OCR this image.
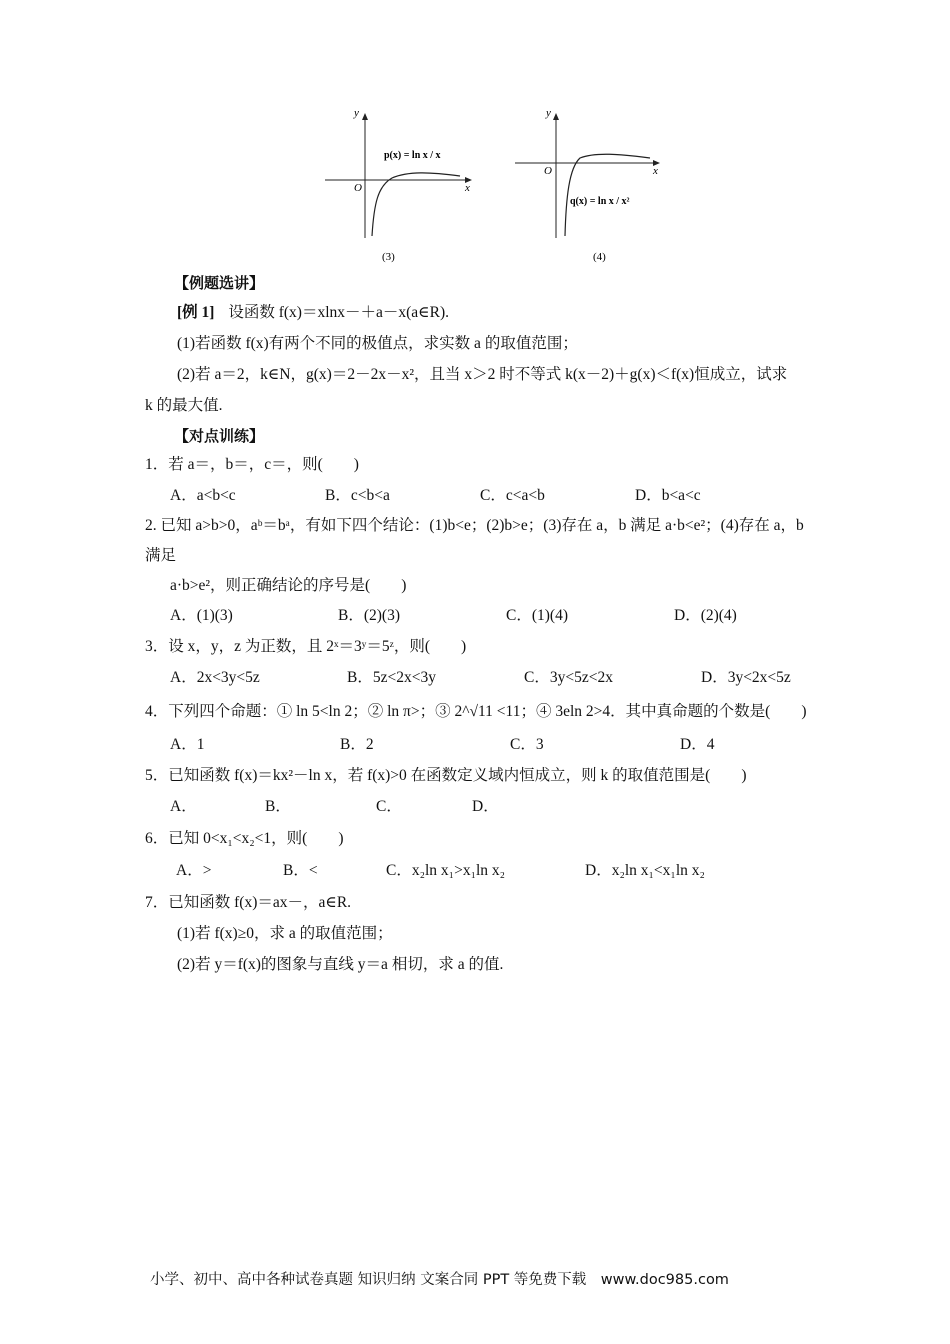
y
x
O
p(x) = ln x / x
(3)
y
x
O
q(x) = ln x / x²
(4)
【例题选讲】
[例 1] 设函数 f(x)＝xlnx－＋a－x(a∈R).
(1)若函数 f(x)有两个不同的极值点，求实数 a 的取值范围；
(2)若 a＝2，k∈N，g(x)＝2－2x－x²，且当 x＞2 时不等式 k(x－2)＋g(x)＜f(x)恒成立，试求
k 的最大值.
【对点训练】
1．若 a＝，b＝，c＝，则(　　)
A．a<b<c	B．c<b<a	C．c<a<b	D．b<a<c
2. 已知 a>b>0，aᵇ＝bᵃ，有如下四个结论：(1)b<e；(2)b>e；(3)存在 a，b 满足 a·b<e²；(4)存在 a，b
满足
a·b>e²，则正确结论的序号是(　　)
A．(1)(3)	B．(2)(3)	C．(1)(4)	D．(2)(4)
3．设 x，y，z 为正数，且 2ˣ＝3ʸ＝5ᶻ，则(　　)
A．2x<3y<5z	B．5z<2x<3y	C．3y<5z<2x	D．3y<2x<5z
4．下列四个命题：① ln 5<ln 2；② ln π>；③ 2^√11 <11；④ 3eln 2>4．其中真命题的个数是(　　)
A．1	B．2	C．3	D．4
5．已知函数 f(x)＝kx²－ln x，若 f(x)>0 在函数定义域内恒成立，则 k 的取值范围是(　　)
A．	B．	C．	D．
6．已知 0<x₁<x₂<1，则(　　)
A．>	B．<	C．x₂ln x₁>x₁ln x₂	D．x₂ln x₁<x₁ln x₂
7．已知函数 f(x)＝ax－，a∈R.
(1)若 f(x)≥0，求 a 的取值范围；
(2)若 y＝f(x)的图象与直线 y＝a 相切，求 a 的值.
小学、初中、高中各种试卷真题 知识归纳 文案合同 PPT 等免费下载　www.doc985.com
